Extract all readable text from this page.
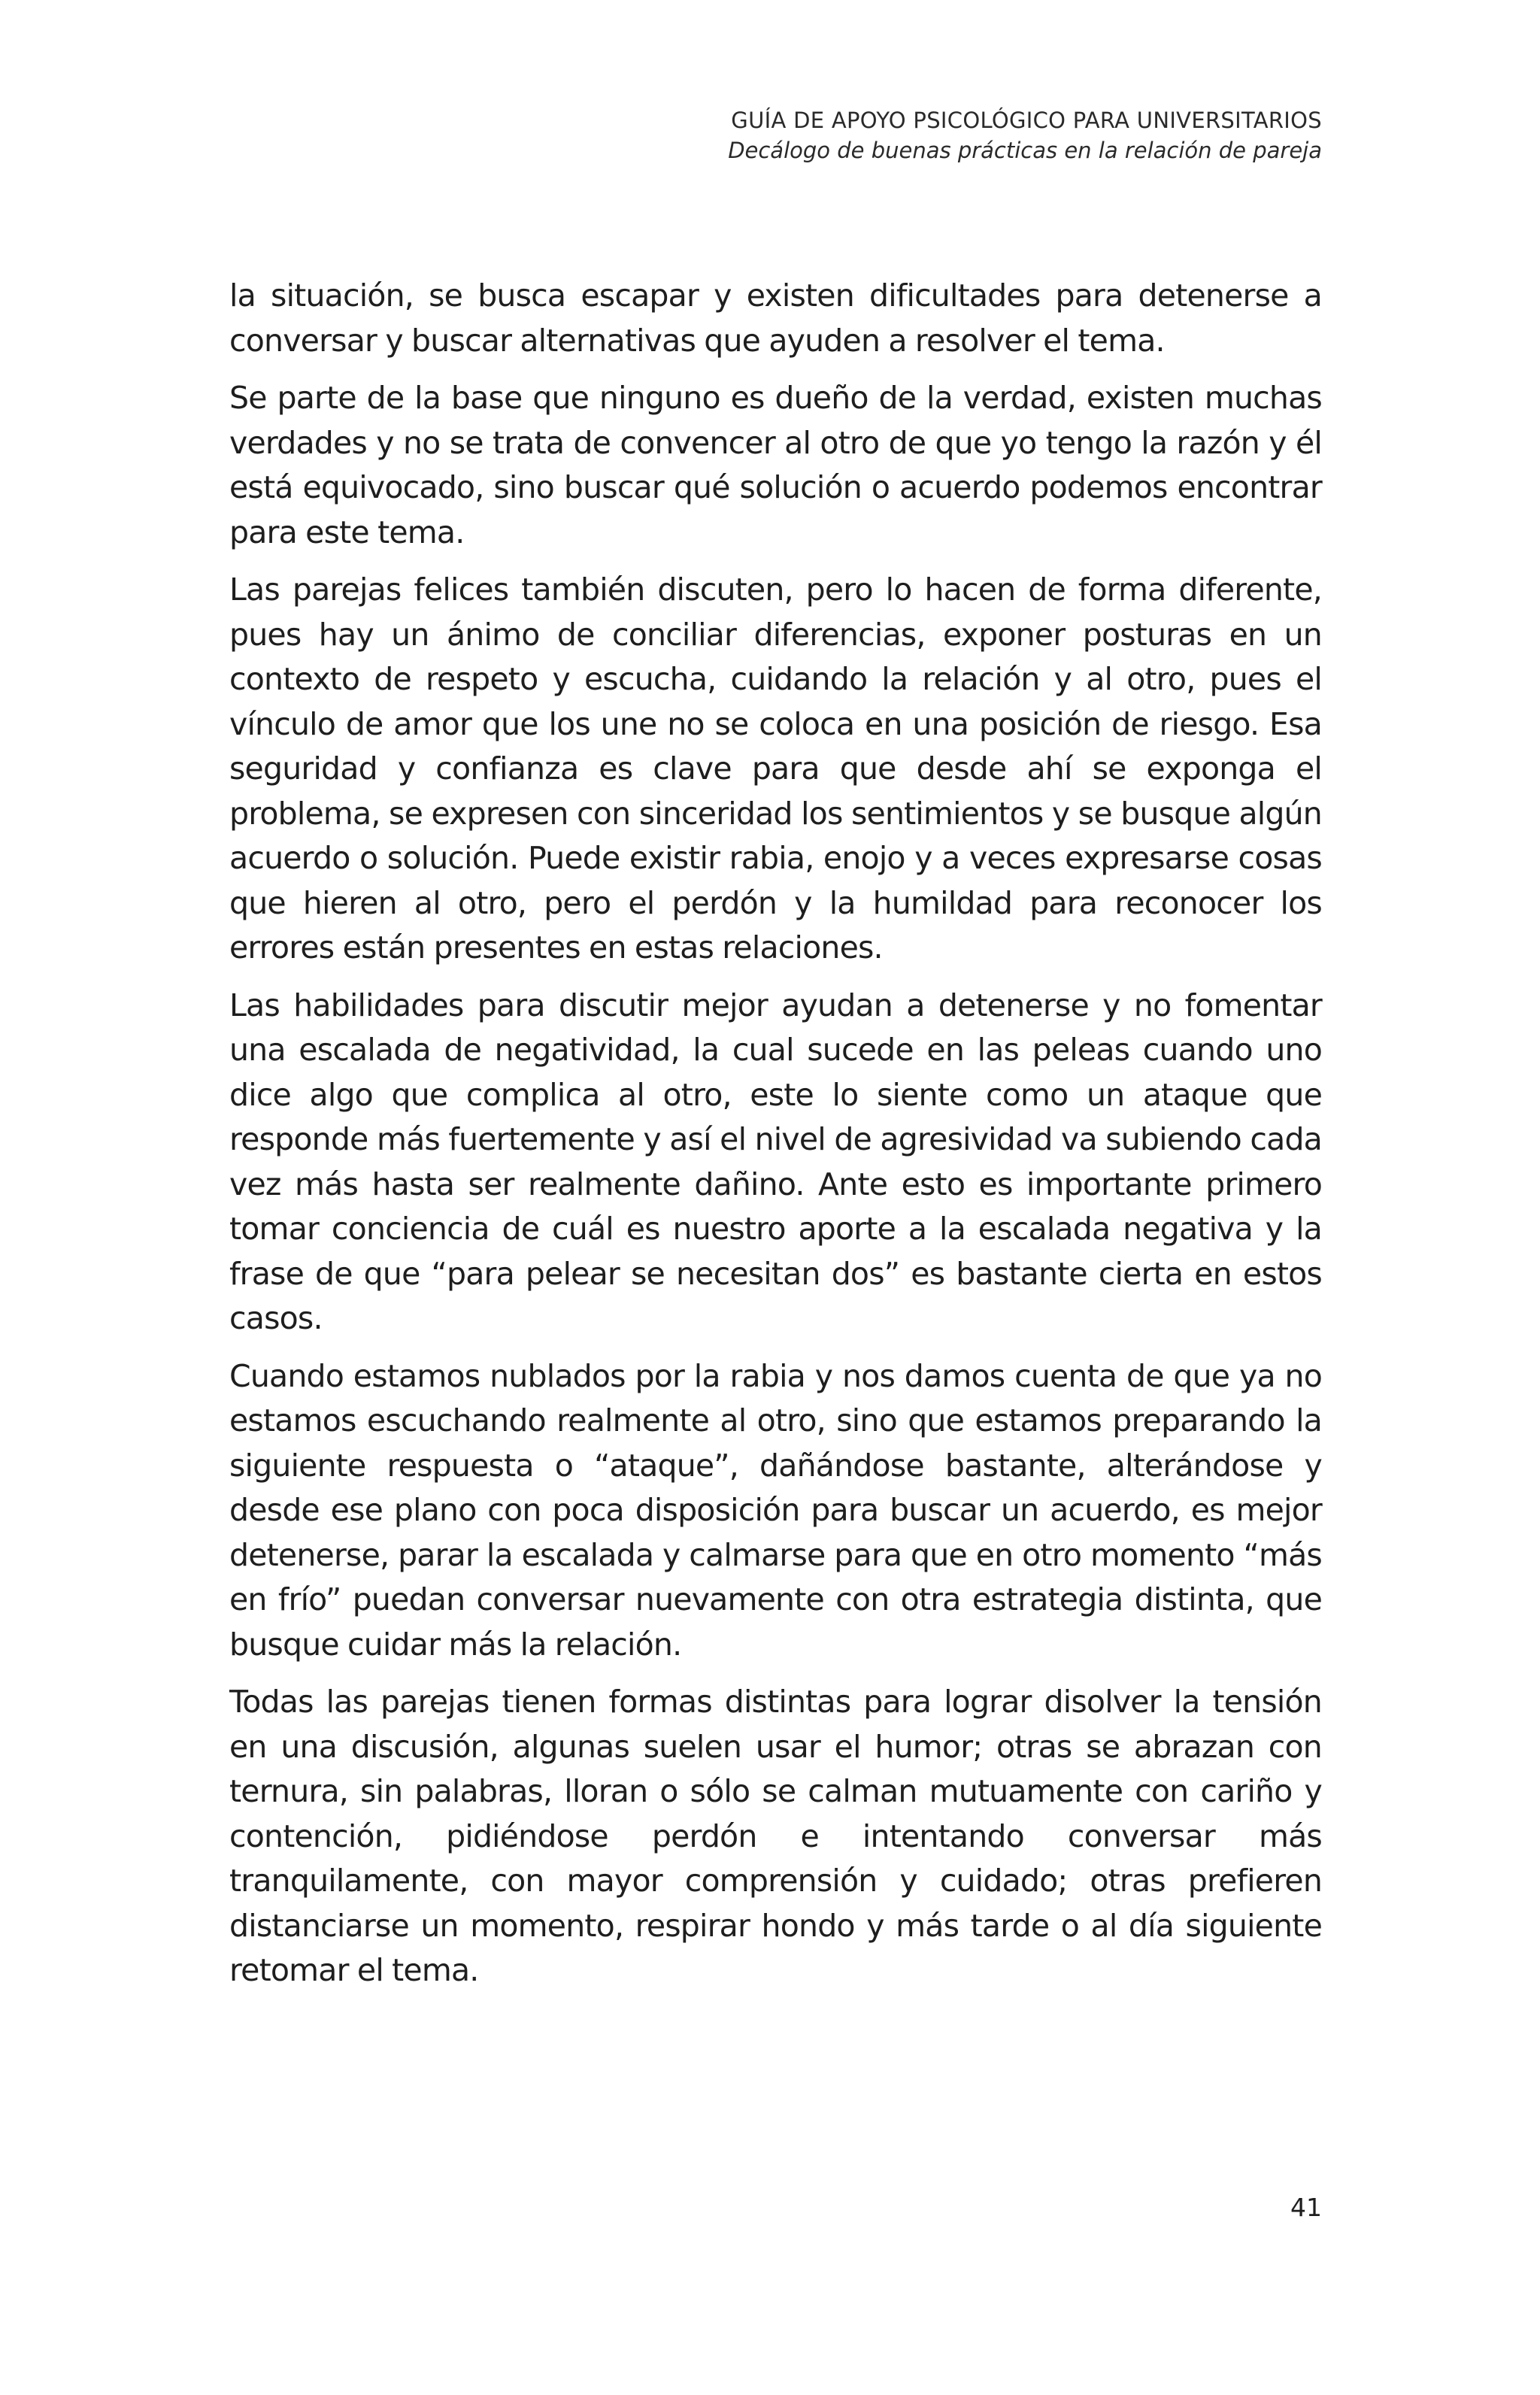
GUÍA DE APOYO PSICOLÓGICO PARA UNIVERSITARIOS
Decálogo de buenas prácticas en la relación de pareja

la situación, se busca escapar y existen dificultades para detenerse a conversar y buscar alternativas que ayuden a resolver el tema.

Se parte de la base que ninguno es dueño de la verdad, existen muchas verdades y no se trata de convencer al otro de que yo tengo la razón y él está equivocado, sino buscar qué solución o acuerdo podemos encontrar para este tema.

Las parejas felices también discuten, pero lo hacen de forma diferente, pues hay un ánimo de conciliar diferencias, exponer posturas en un contexto de respeto y escucha, cuidando la relación y al otro, pues el vínculo de amor que los une no se coloca en una posición de riesgo. Esa seguridad y confianza es clave para que desde ahí se exponga el problema, se expresen con sinceridad los sentimientos y se busque algún acuerdo o solución. Puede existir rabia, enojo y a veces expresarse cosas que hieren al otro, pero el perdón y la humildad para reconocer los errores están presentes en estas relaciones.

Las habilidades para discutir mejor ayudan a detenerse y no fomentar una escalada de negatividad, la cual sucede en las peleas cuando uno dice algo que complica al otro, este lo siente como un ataque que responde más fuertemente y así el nivel de agresividad va subiendo cada vez más hasta ser realmente dañino. Ante esto es importante primero tomar conciencia de cuál es nuestro aporte a la escalada negativa y la frase de que “para pelear se necesitan dos” es bastante cierta en estos casos.

Cuando estamos nublados por la rabia y nos damos cuenta de que ya no estamos escuchando realmente al otro, sino que estamos preparando la siguiente respuesta o “ataque”, dañándose bastante, alterándose y desde ese plano con poca disposición para buscar un acuerdo, es mejor detenerse, parar la escalada y calmarse para que en otro momento “más en frío” puedan conversar nuevamente con otra estrategia distinta, que busque cuidar más la relación.

Todas las parejas tienen formas distintas para lograr disolver la tensión en una discusión, algunas suelen usar el humor; otras se abrazan con ternura, sin palabras, lloran o sólo se calman mutuamente con cariño y contención, pidiéndose perdón e intentando conversar más tranquilamente, con mayor comprensión y cuidado; otras prefieren distanciarse un momento, respirar hondo y más tarde o al día siguiente retomar el tema.

41
